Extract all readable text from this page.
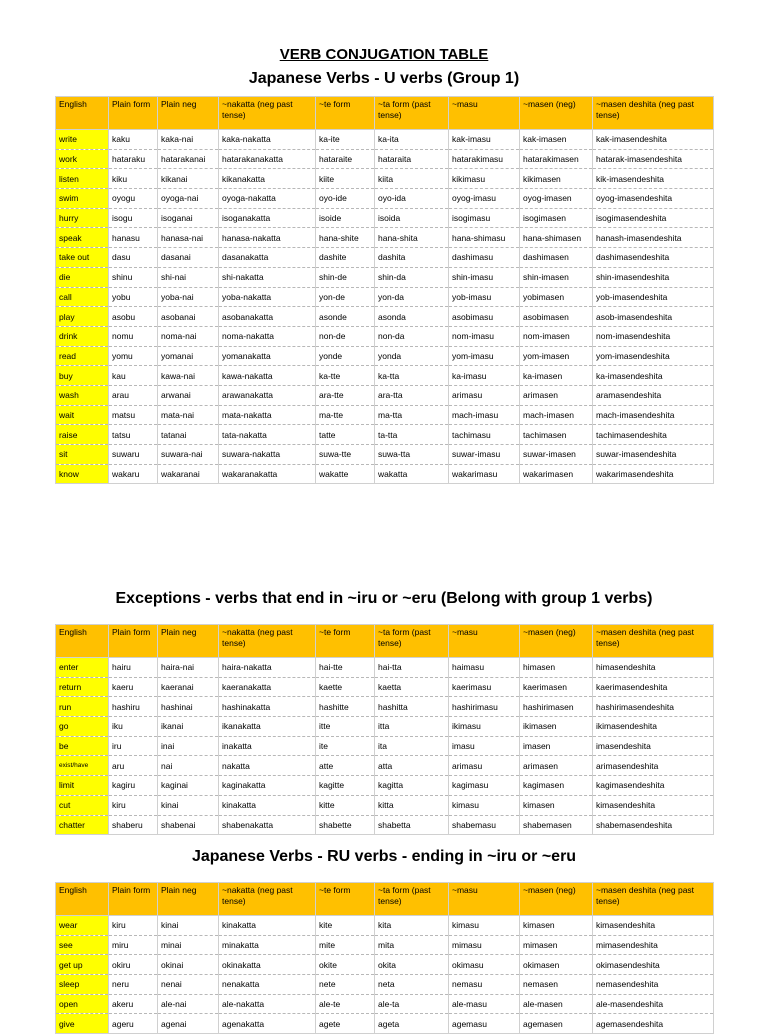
VERB CONJUGATION TABLE
Japanese Verbs - U verbs (Group 1)
English	Plain form	Plain neg	~nakatta (neg past tense)	~te form	~ta form (past tense)	~masu	~masen (neg)	~masen deshita (neg past tense)
write	kaku	kaka-nai	kaka-nakatta	ka-ite	ka-ita	kak-imasu	kak-imasen	kak-imasendeshita
work	hataraku	hatarakanai	hatarakanakatta	hataraite	hataraita	hatarakimasu	hatarakimasen	hatarak-imasendeshita
listen	kiku	kikanai	kikanakatta	kiite	kiita	kikimasu	kikimasen	kik-imasendeshita
swim	oyogu	oyoga-nai	oyoga-nakatta	oyo-ide	oyo-ida	oyog-imasu	oyog-imasen	oyog-imasendeshita
hurry	isogu	isoganai	isoganakatta	isoide	isoida	isogimasu	isogimasen	isogimasendeshita
speak	hanasu	hanasa-nai	hanasa-nakatta	hana-shite	hana-shita	hana-shimasu	hana-shimasen	hanash-imasendeshita
take out	dasu	dasanai	dasanakatta	dashite	dashita	dashimasu	dashimasen	dashimasendeshita
die	shinu	shi-nai	shi-nakatta	shin-de	shin-da	shin-imasu	shin-imasen	shin-imasendeshita
call	yobu	yoba-nai	yoba-nakatta	yon-de	yon-da	yob-imasu	yobimasen	yob-imasendeshita
play	asobu	asobanai	asobanakatta	asonde	asonda	asobimasu	asobimasen	asob-imasendeshita
drink	nomu	noma-nai	noma-nakatta	non-de	non-da	nom-imasu	nom-imasen	nom-imasendeshita
read	yomu	yomanai	yomanakatta	yonde	yonda	yom-imasu	yom-imasen	yom-imasendeshita
buy	kau	kawa-nai	kawa-nakatta	ka-tte	ka-tta	ka-imasu	ka-imasen	ka-imasendeshita
wash	arau	arwanai	arawanakatta	ara-tte	ara-tta	arimasu	arimasen	aramasendeshita
wait	matsu	mata-nai	mata-nakatta	ma-tte	ma-tta	mach-imasu	mach-imasen	mach-imasendeshita
raise	tatsu	tatanai	tata-nakatta	tatte	ta-tta	tachimasu	tachimasen	tachimasendeshita
sit	suwaru	suwara-nai	suwara-nakatta	suwa-tte	suwa-tta	suwar-imasu	suwar-imasen	suwar-imasendeshita
know	wakaru	wakaranai	wakaranakatta	wakatte	wakatta	wakarimasu	wakarimasen	wakarimasendeshita
Exceptions - verbs that end in ~iru or ~eru (Belong with group 1 verbs)
English	Plain form	Plain neg	~nakatta (neg past tense)	~te form	~ta form (past tense)	~masu	~masen (neg)	~masen deshita (neg past tense)
enter	hairu	haira-nai	haira-nakatta	hai-tte	hai-tta	haimasu	himasen	himasendeshita
return	kaeru	kaeranai	kaeranakatta	kaette	kaetta	kaerimasu	kaerimasen	kaerimasendeshita
run	hashiru	hashinai	hashinakatta	hashitte	hashitta	hashirimasu	hashirimasen	hashirimasendeshita
go	iku	ikanai	ikanakatta	itte	itta	ikimasu	ikimasen	ikimasendeshita
be	iru	inai	inakatta	ite	ita	imasu	imasen	imasendeshita
exist/have	aru	nai	nakatta	atte	atta	arimasu	arimasen	arimasendeshita
limit	kagiru	kaginai	kaginakatta	kagitte	kagitta	kagimasu	kagimasen	kagimasendeshita
cut	kiru	kinai	kinakatta	kitte	kitta	kimasu	kimasen	kimasendeshita
chatter	shaberu	shabenai	shabenakatta	shabette	shabetta	shabemasu	shabemasen	shabemasendeshita
Japanese Verbs - RU verbs - ending in ~iru or ~eru
English	Plain form	Plain neg	~nakatta (neg past tense)	~te form	~ta form (past tense)	~masu	~masen (neg)	~masen deshita (neg past tense)
wear	kiru	kinai	kinakatta	kite	kita	kimasu	kimasen	kimasendeshita
see	miru	minai	minakatta	mite	mita	mimasu	mimasen	mimasendeshita
get up	okiru	okinai	okinakatta	okite	okita	okimasu	okimasen	okimasendeshita
sleep	neru	nenai	nenakatta	nete	neta	nemasu	nemasen	nemasendeshita
open	akeru	ale-nai	ale-nakatta	ale-te	ale-ta	ale-masu	ale-masen	ale-masendeshita
give	ageru	agenai	agenakatta	agete	ageta	agemasu	agemasen	agemasendeshita
